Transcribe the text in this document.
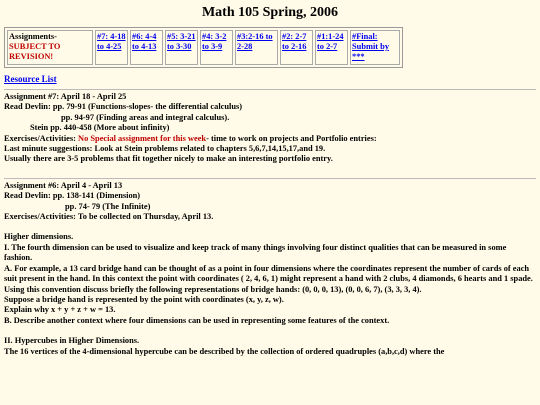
Math 105 Spring, 2006
Assignments-
SUBJECT TO REVISION!	#7: 4-18 to 4-25	#6: 4-4 to 4-13	#5: 3-21 to 3-30	#4: 3-2 to 3-9	#3:2-16 to 2-28	#2: 2-7 to 2-16	#1:1-24 to 2-7	#Final: Submit by ***
Resource List

Assignment #7: April 18 - April 25

Read Devlin: pp. 79-91 (Functions-slopes- the differential calculus)

pp. 94-97 (Finding areas and integral calculus).

Stein pp. 440-458 (More about infinity)

Exercises/Activities: No Special assignment for this week- time to work on projects and Portfolio entries:

Last minute suggestions: Look at Stein problems related to chapters 5,6,7,14,15,17,and 19.

Usually there are 3-5 problems that fit together nicely to make an interesting portfolio entry.

Assignment #6: April 4 - April 13

Read Devlin: pp. 138-141 (Dimension)

pp. 74- 79 (The Infinite)

Exercises/Activities: To be collected on Thursday, April 13.

Higher dimensions.

I. The fourth dimension can be used to visualize and keep track of many things involving four distinct qualities that can be measured in some fashion.

A. For example, a 13 card bridge hand can be thought of as a point in four dimensions where the coordinates represent the number of cards of each suit present in the hand. In this context the point with coordinates ( 2, 4, 6, 1) might represent a hand with 2 clubs, 4 diamonds, 6 hearts and 1 spade.

Using this convention discuss briefly the following representations of bridge hands: (0, 0, 0, 13), (0, 0, 6, 7), (3, 3, 3, 4).

Suppose a bridge hand is represented by the point with coordinates (x, y, z, w).

Explain why x + y + z + w = 13.

B. Describe another context where four dimensions can be used in representing some features of the context.

II. Hypercubes in Higher Dimensions.

The 16 vertices of the 4-dimensional hypercube can be described by the collection of ordered quadruples (a,b,c,d) where the
